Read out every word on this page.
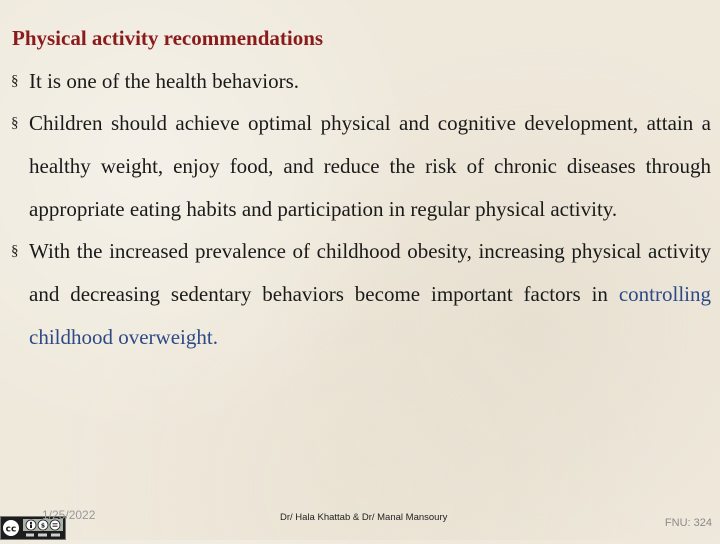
Physical activity recommendations
§ It is one of the health behaviors.
§ Children should achieve optimal physical and cognitive development, attain a healthy weight, enjoy food, and reduce the risk of chronic diseases through appropriate eating habits and participation in regular physical activity.
§ With the increased prevalence of childhood obesity, increasing physical activity and decreasing sedentary behaviors become important factors in controlling childhood overweight.
cc	$
1/25/2022	Dr/ Hala Khattab & Dr/ Manal Mansoury	FNU: 324
